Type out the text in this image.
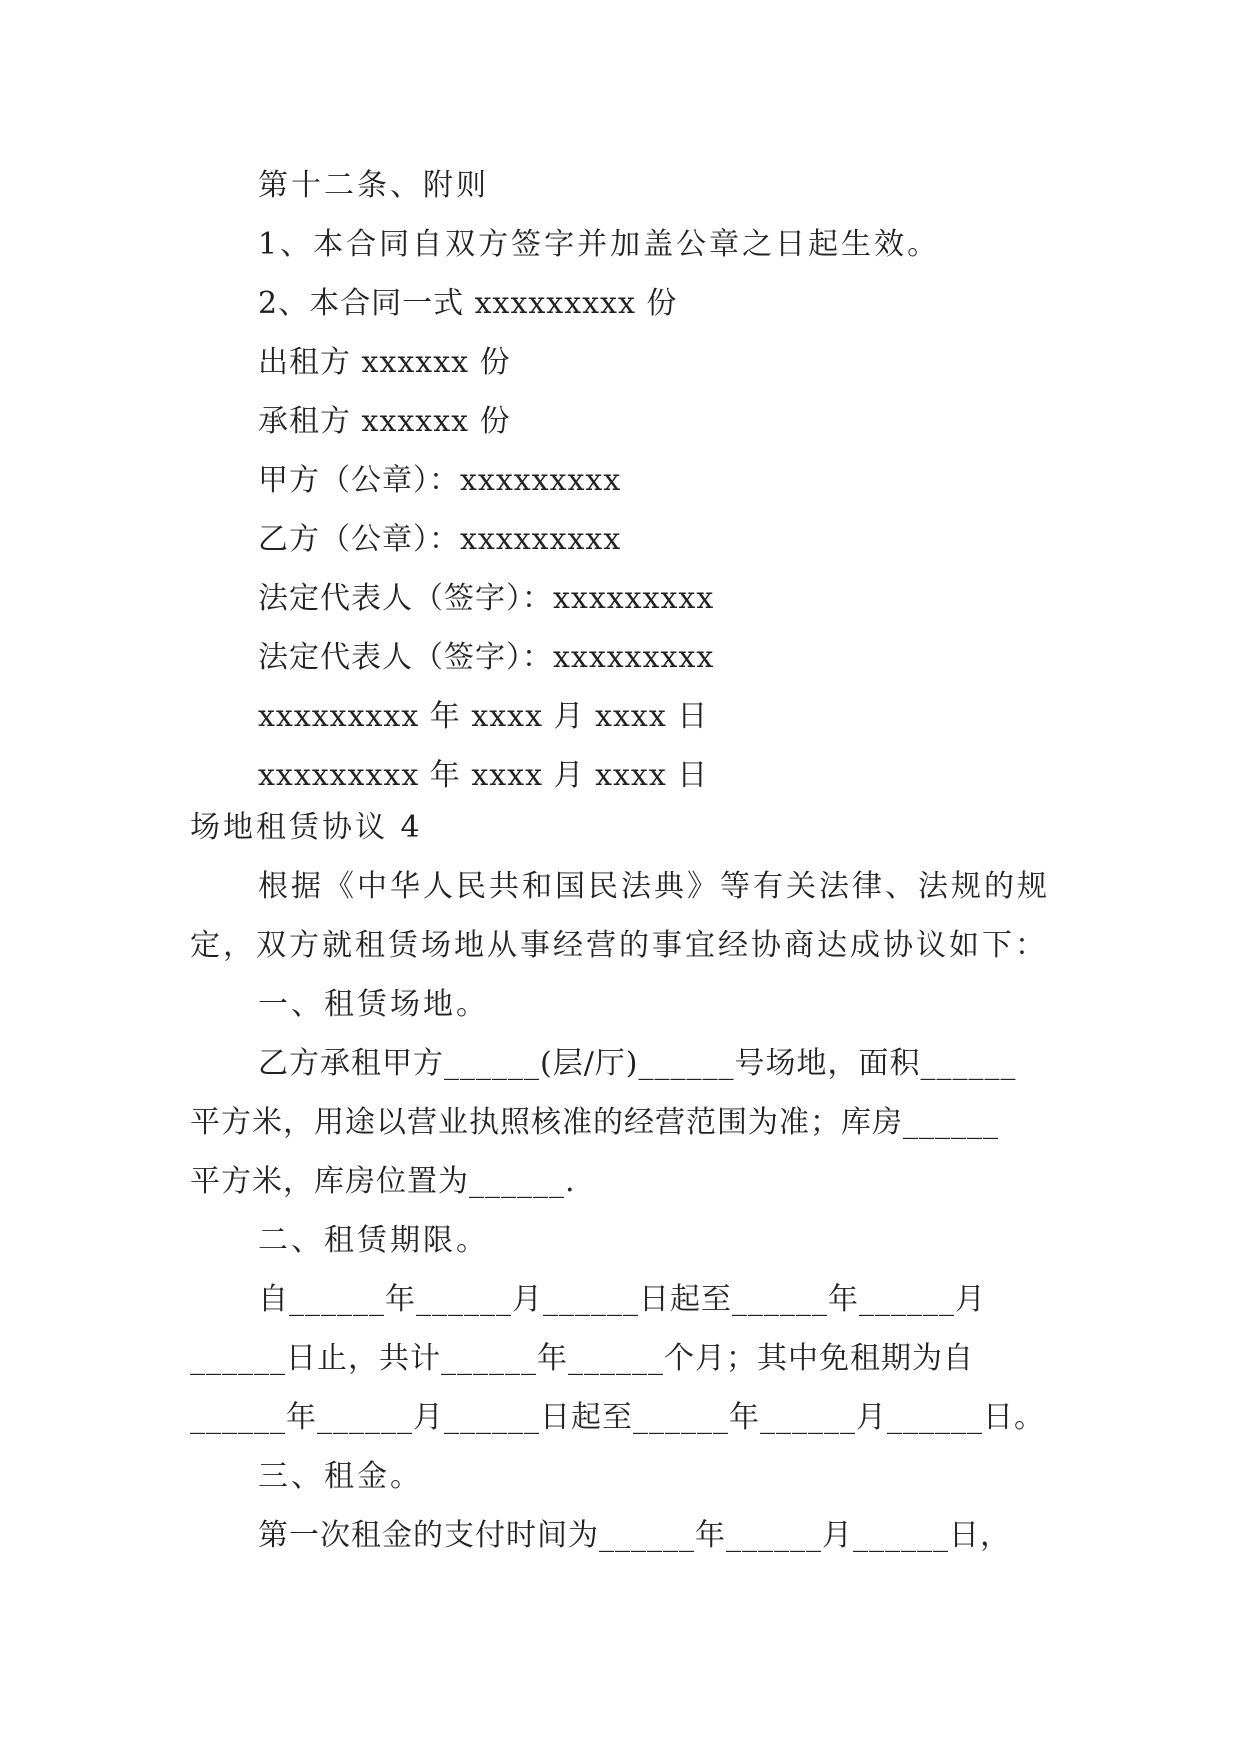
第十二条、附则
1、本合同自双方签字并加盖公章之日起生效。
2、本合同一式 xxxxxxxxx 份
出租方 xxxxxx 份
承租方 xxxxxx 份
甲方（公章）：xxxxxxxxx
乙方（公章）：xxxxxxxxx
法定代表人（签字）：xxxxxxxxx
法定代表人（签字）：xxxxxxxxx
xxxxxxxxx 年 xxxx 月 xxxx 日
xxxxxxxxx 年 xxxx 月 xxxx 日
场地租赁协议 4
根据《中华人民共和国民法典》等有关法律、法规的规
定，双方就租赁场地从事经营的事宜经协商达成协议如下：
一、租赁场地。
乙方承租甲方______(层/厅)______号场地，面积______
平方米，用途以营业执照核准的经营范围为准；库房______
平方米，库房位置为______.
二、租赁期限。
自______年______月______日起至______年______月
______日止，共计______年______个月；其中免租期为自
______年______月______日起至______年______月______日。
三、租金。
第一次租金的支付时间为______年______月______日，
